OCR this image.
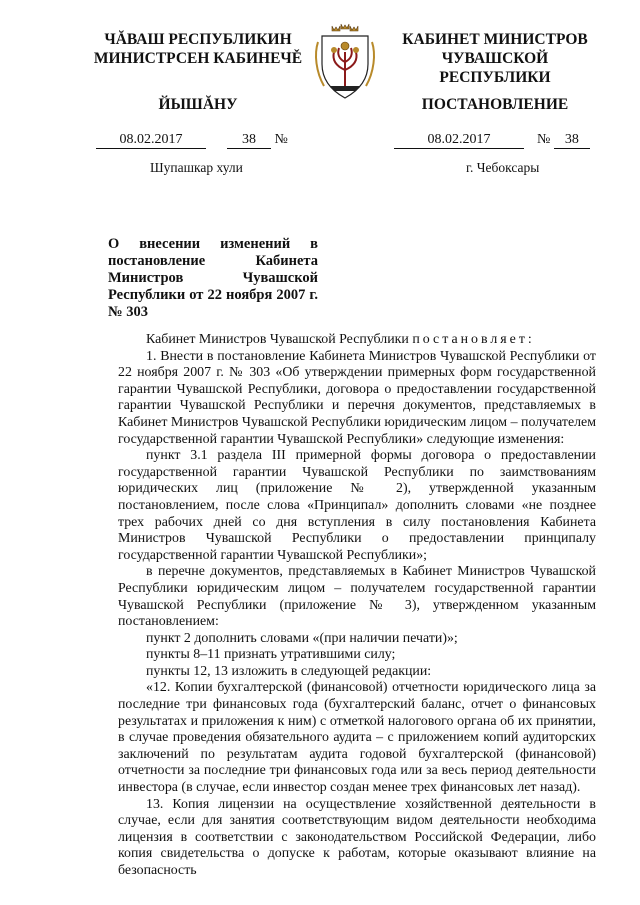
ЧĂВАШ РЕСПУБЛИКИН
МИНИСТРСЕН КАБИНЕЧĚ
ЙЫШĂНУ
КАБИНЕТ МИНИСТРОВ
ЧУВАШСКОЙ РЕСПУБЛИКИ
ПОСТАНОВЛЕНИЕ
08.02.2017	38 №	08.02.2017	№ 38
Шупашкар хули	г. Чебоксары
О внесении изменений в постановление Кабинета Министров Чувашской Республики от 22 ноября 2007 г. № 303

Кабинет Министров Чувашской Республики постановляет:

1. Внести в постановление Кабинета Министров Чувашской Республики от 22 ноября 2007 г. № 303 «Об утверждении примерных форм государственной гарантии Чувашской Республики, договора о предоставлении государственной гарантии Чувашской Республики и перечня документов, представляемых в Кабинет Министров Чувашской Республики юридическим лицом – получателем государственной гарантии Чувашской Республики» следующие изменения:

пункт 3.1 раздела III примерной формы договора о предоставлении государственной гарантии Чувашской Республики по заимствованиям юридических лиц (приложение № 2), утвержденной указанным постановлением, после слова «Принципал» дополнить словами «не позднее трех рабочих дней со дня вступления в силу постановления Кабинета Министров Чувашской Республики о предоставлении принципалу государственной гарантии Чувашской Республики»;

в перечне документов, представляемых в Кабинет Министров Чувашской Республики юридическим лицом – получателем государственной гарантии Чувашской Республики (приложение № 3), утвержденном указанным постановлением:

пункт 2 дополнить словами «(при наличии печати)»;

пункты 8–11 признать утратившими силу;

пункты 12, 13 изложить в следующей редакции:

«12. Копии бухгалтерской (финансовой) отчетности юридического лица за последние три финансовых года (бухгалтерский баланс, отчет о финансовых результатах и приложения к ним) с отметкой налогового органа об их принятии, в случае проведения обязательного аудита – с приложением копий аудиторских заключений по результатам аудита годовой бухгалтерской (финансовой) отчетности за последние три финансовых года или за весь период деятельности инвестора (в случае, если инвестор создан менее трех финансовых лет назад).

13. Копия лицензии на осуществление хозяйственной деятельности в случае, если для занятия соответствующим видом деятельности необходима лицензия в соответствии с законодательством Российской Федерации, либо копия свидетельства о допуске к работам, которые оказывают влияние на безопасность
